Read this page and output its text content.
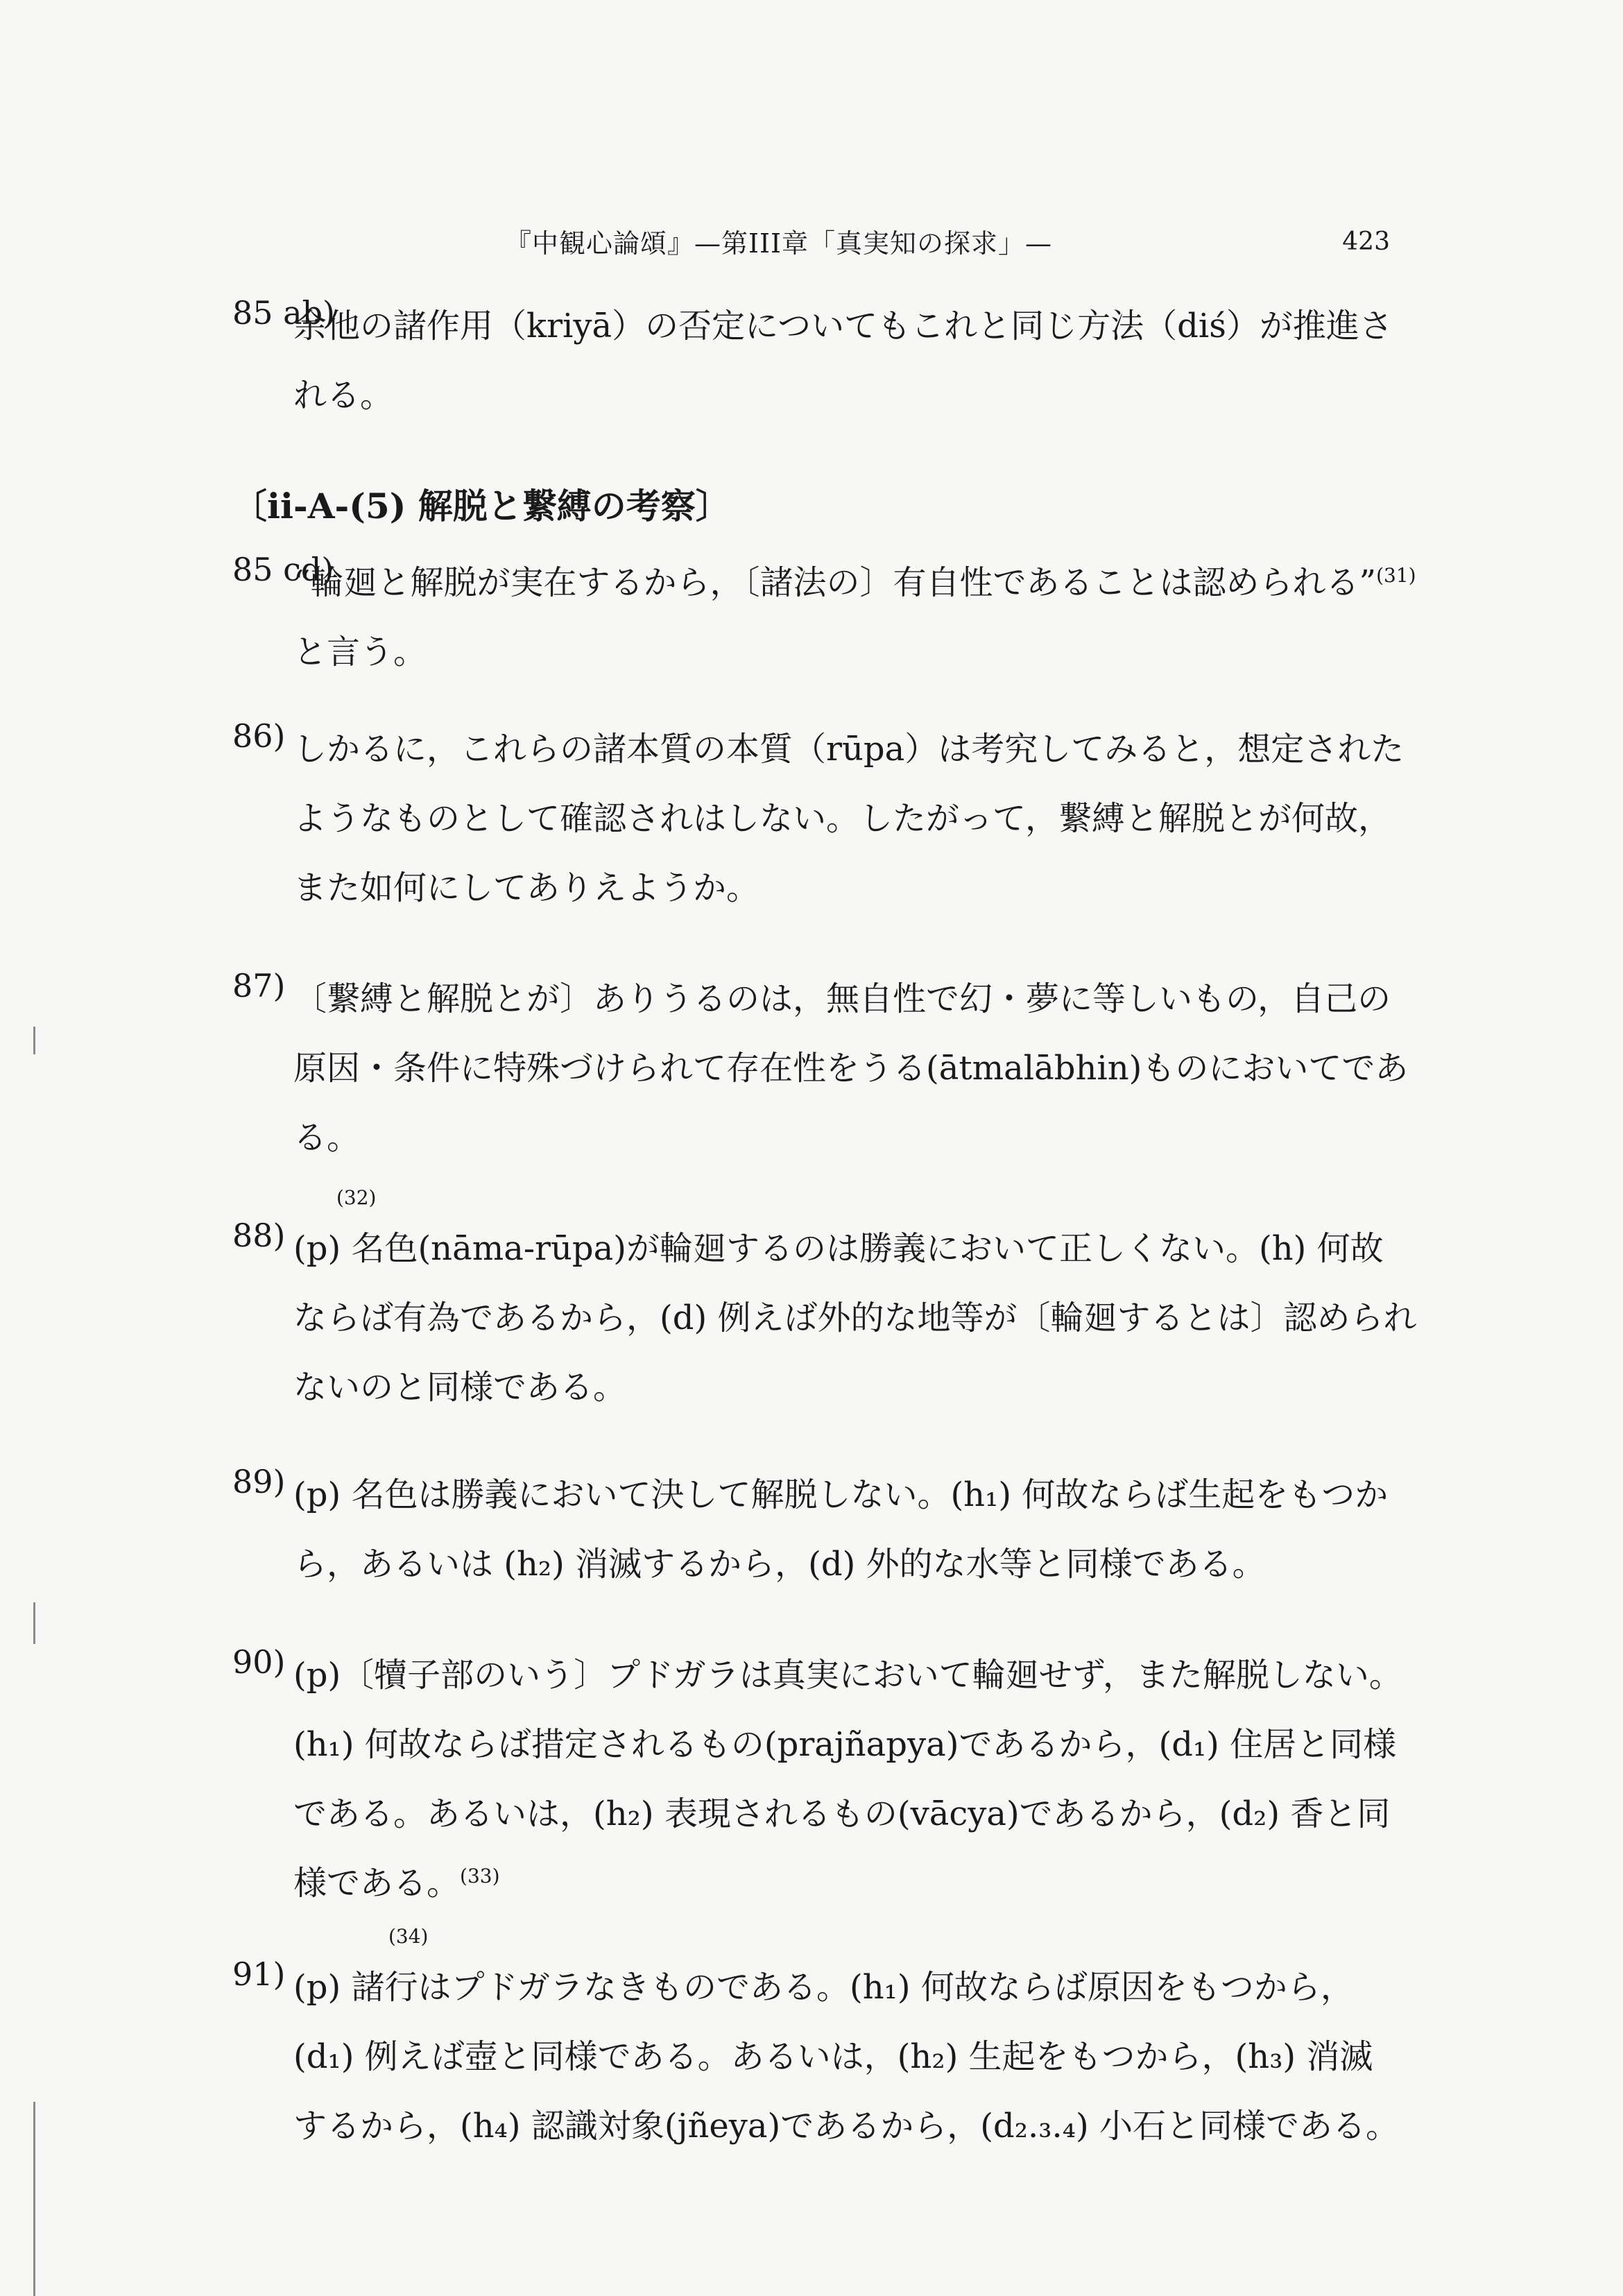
『中観心論頌』—第III章「真実知の探求」—	423
85 ab)

余他の諸作用（kriyā）の否定についてもこれと同じ方法（diś）が推進さ

れる。

〔ii-A-(5) 解脱と繋縛の考察〕
85 cd)

“輪廻と解脱が実在するから，〔諸法の〕有自性であることは認められる”$^{(31)}$

と言う。

86) しかるに，これらの諸本質の本質（rūpa）は考究してみると，想定された

ようなものとして確認されはしない。したがって，繋縛と解脱とが何故，

また如何にしてありえようか。

87) 〔繋縛と解脱とが〕ありうるのは，無自性で幻・夢に等しいもの，自己の

原因・条件に特殊づけられて存在性をうる(ātmalābhin)ものにおいてであ

る。

88)
(32)

(p) 名色(nāma-rūpa)が輪廻するのは勝義において正しくない。(h) 何故

ならば有為であるから，(d) 例えば外的な地等が〔輪廻するとは〕認められ

ないのと同様である。

89) (p) 名色は勝義において決して解脱しない。(h₁) 何故ならば生起をもつか

ら，あるいは (h₂) 消滅するから，(d) 外的な水等と同様である。

90) (p)〔犢子部のいう〕プドガラは真実において輪廻せず，また解脱しない。

(h₁) 何故ならば措定されるもの(prajñapya)であるから，(d₁) 住居と同様

である。あるいは，(h₂) 表現されるもの(vācya)であるから，(d₂) 香と同

様である。$^{(33)}$

91)
(34)

(p) 諸行はプドガラなきものである。(h₁) 何故ならば原因をもつから，

(d₁) 例えば壺と同様である。あるいは，(h₂) 生起をもつから，(h₃) 消滅

するから，(h₄) 認識対象(jñeya)であるから，(d₂.₃.₄) 小石と同様である。
